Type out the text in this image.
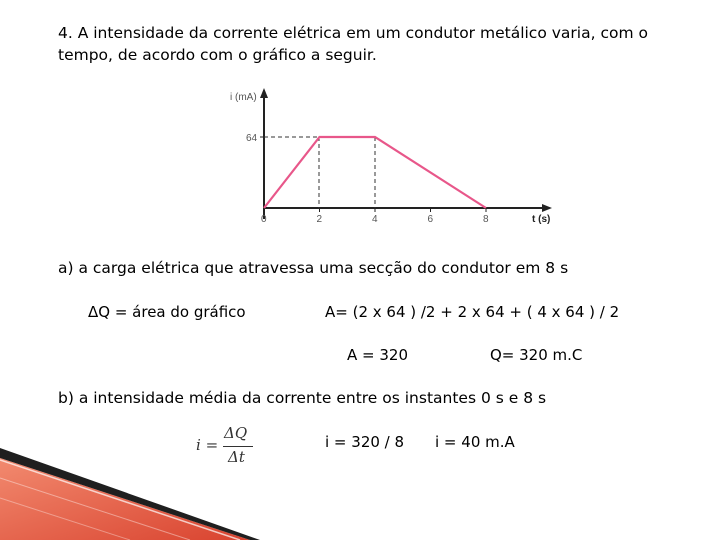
4. A intensidade da corrente elétrica em um condutor metálico varia, com o
tempo, de acordo com o gráfico a seguir.
i (mA)
64
t (s)
0	2	4	6	8
a) a carga elétrica que atravessa uma secção do condutor em 8 s
ΔQ = área do gráfico	A= (2 x 64 ) /2 + 2 x 64 + ( 4 x 64 ) / 2
A = 320	Q= 320 m.C
b) a intensidade média da corrente entre os instantes 0 s e 8 s
i =
ΔQ
Δt
i = 320 / 8 i = 40 m.A
